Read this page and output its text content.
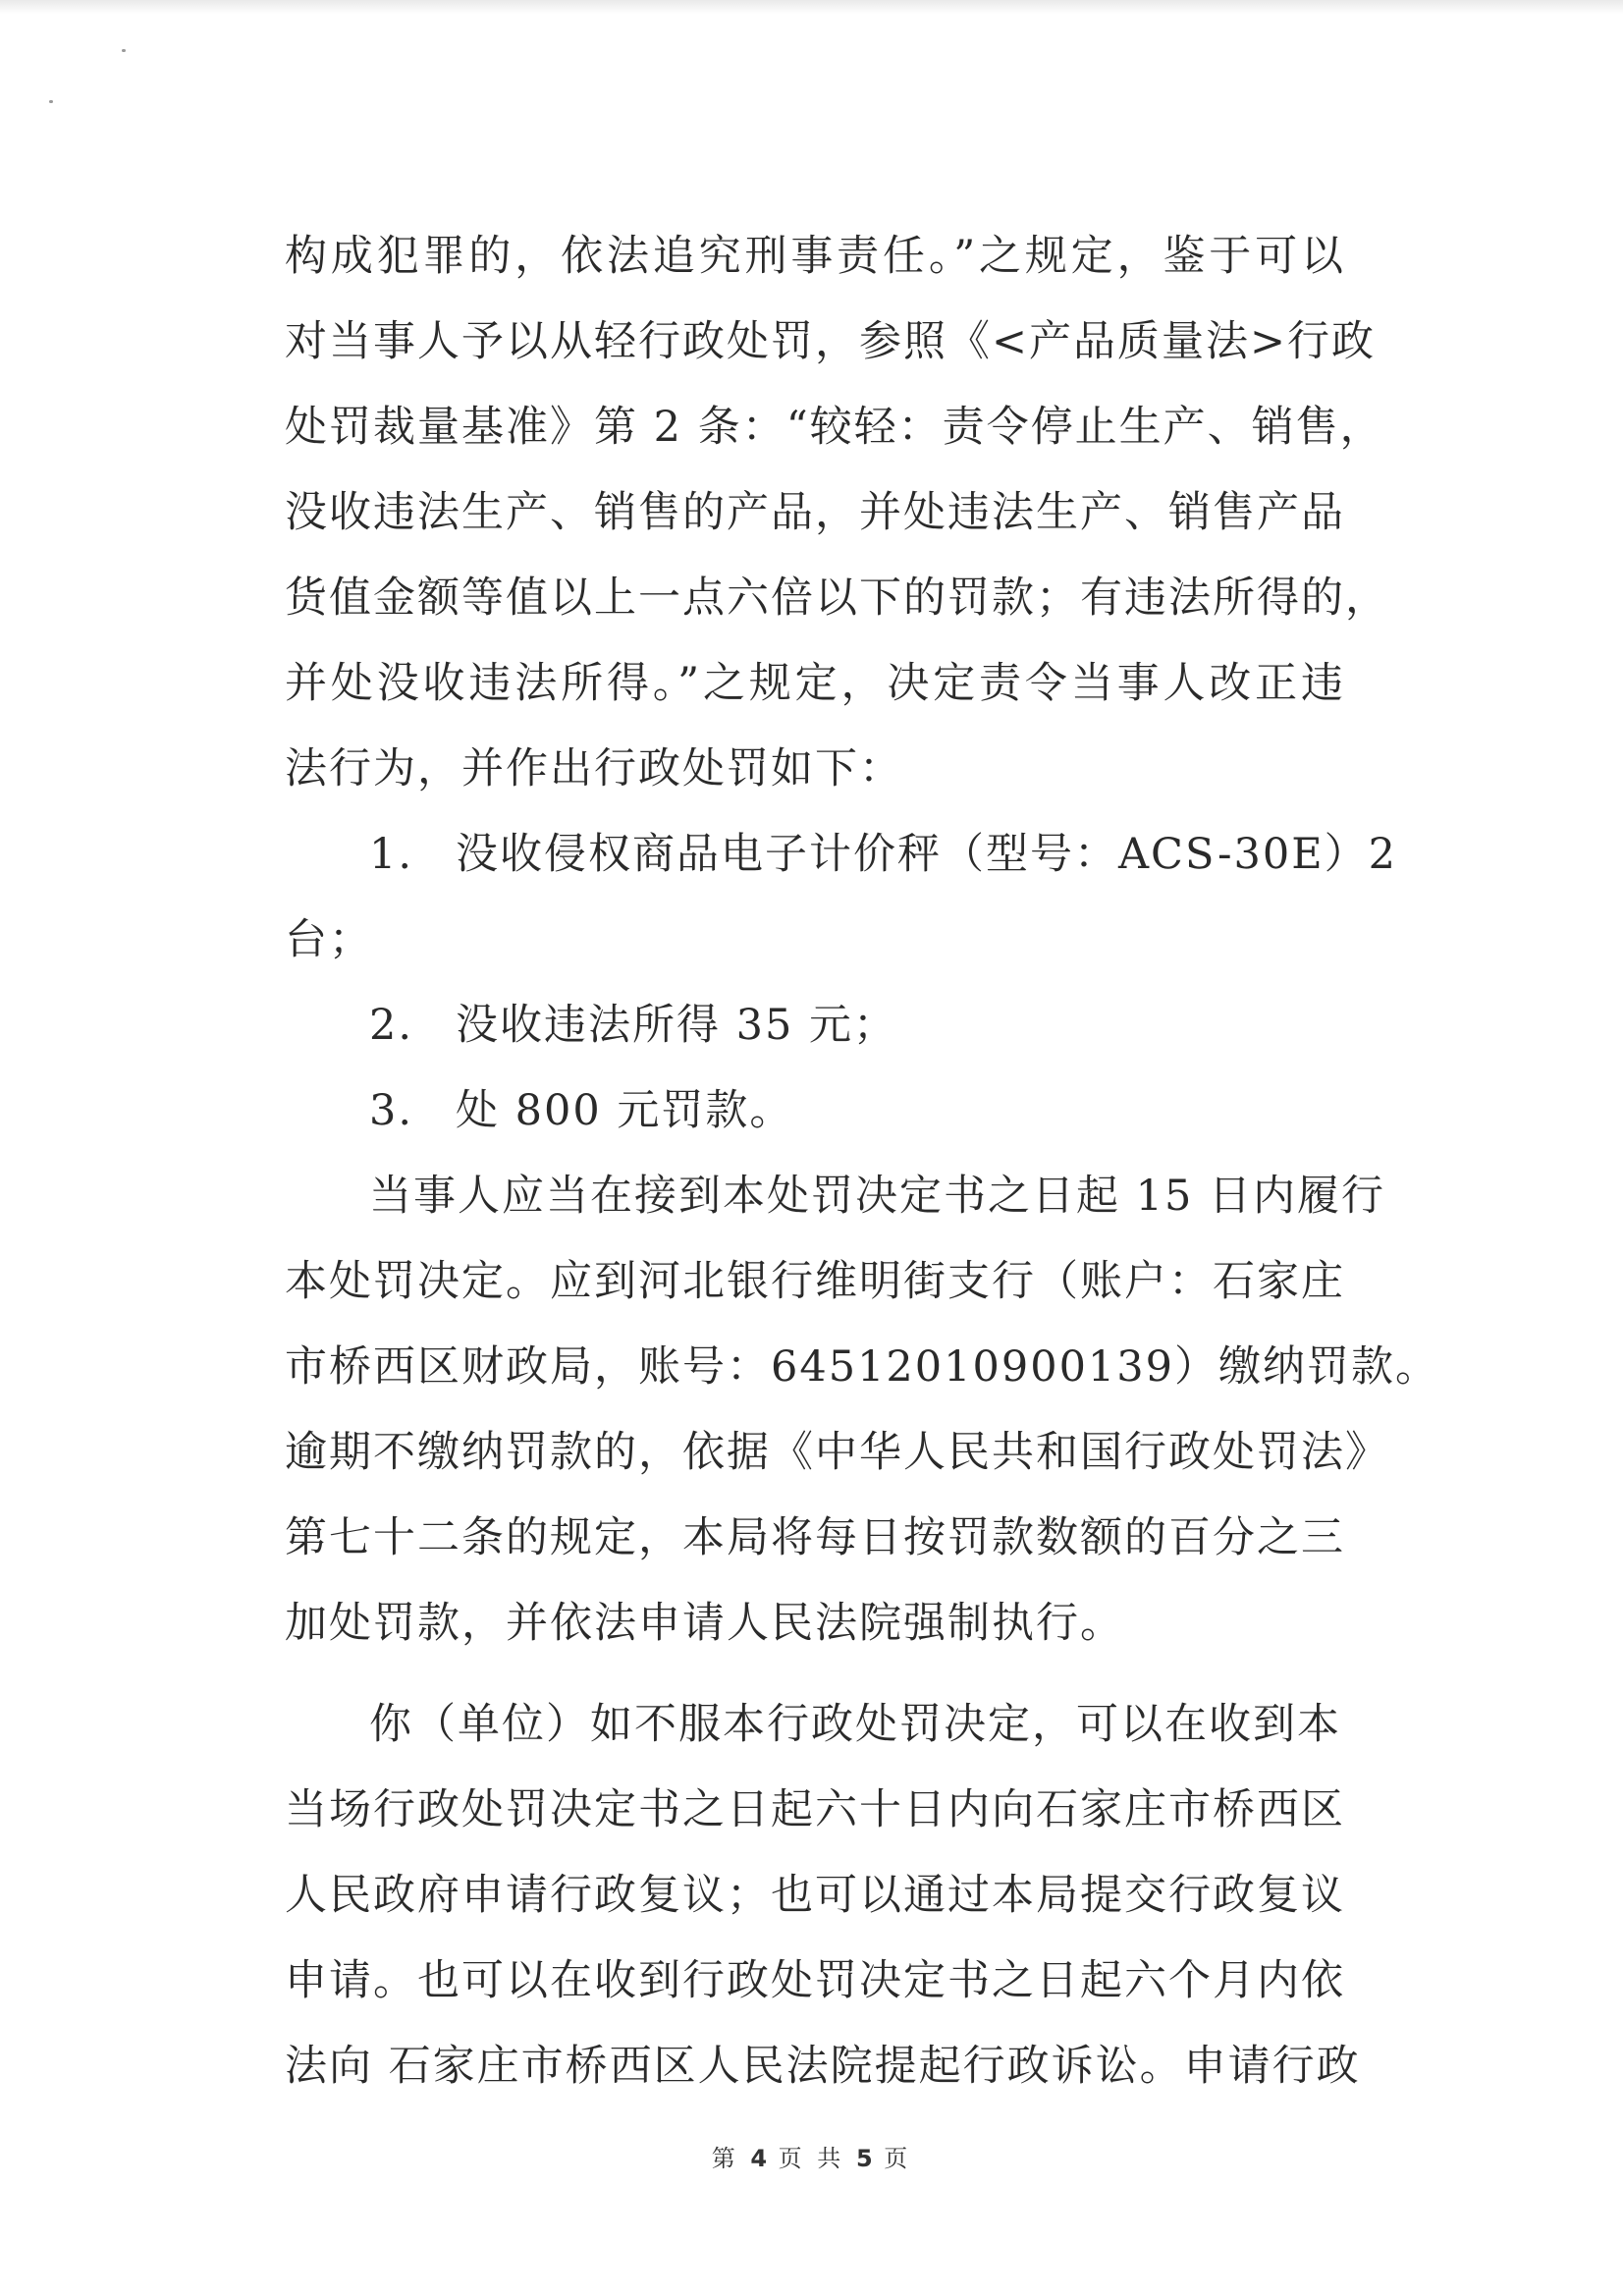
构成犯罪的，依法追究刑事责任。”之规定，鉴于可以
对当事人予以从轻行政处罚，参照《<产品质量法>行政
处罚裁量基准》第 2 条：“较轻：责令停止生产、销售，
没收违法生产、销售的产品，并处违法生产、销售产品
货值金额等值以上一点六倍以下的罚款；有违法所得的，
并处没收违法所得。”之规定，决定责令当事人改正违
法行为，并作出行政处罚如下：
1. 没收侵权商品电子计价秤（型号：ACS-30E）2
台；
2. 没收违法所得 35 元；
3. 处 800 元罚款。
当事人应当在接到本处罚决定书之日起 15 日内履行
本处罚决定。应到河北银行维明街支行（账户：石家庄
市桥西区财政局，账号：64512010900139）缴纳罚款。
逾期不缴纳罚款的，依据《中华人民共和国行政处罚法》
第七十二条的规定，本局将每日按罚款数额的百分之三
加处罚款，并依法申请人民法院强制执行。
你（单位）如不服本行政处罚决定，可以在收到本
当场行政处罚决定书之日起六十日内向石家庄市桥西区
人民政府申请行政复议；也可以通过本局提交行政复议
申请。也可以在收到行政处罚决定书之日起六个月内依
法向 石家庄市桥西区人民法院提起行政诉讼。申请行政
第 4 页 共 5 页
